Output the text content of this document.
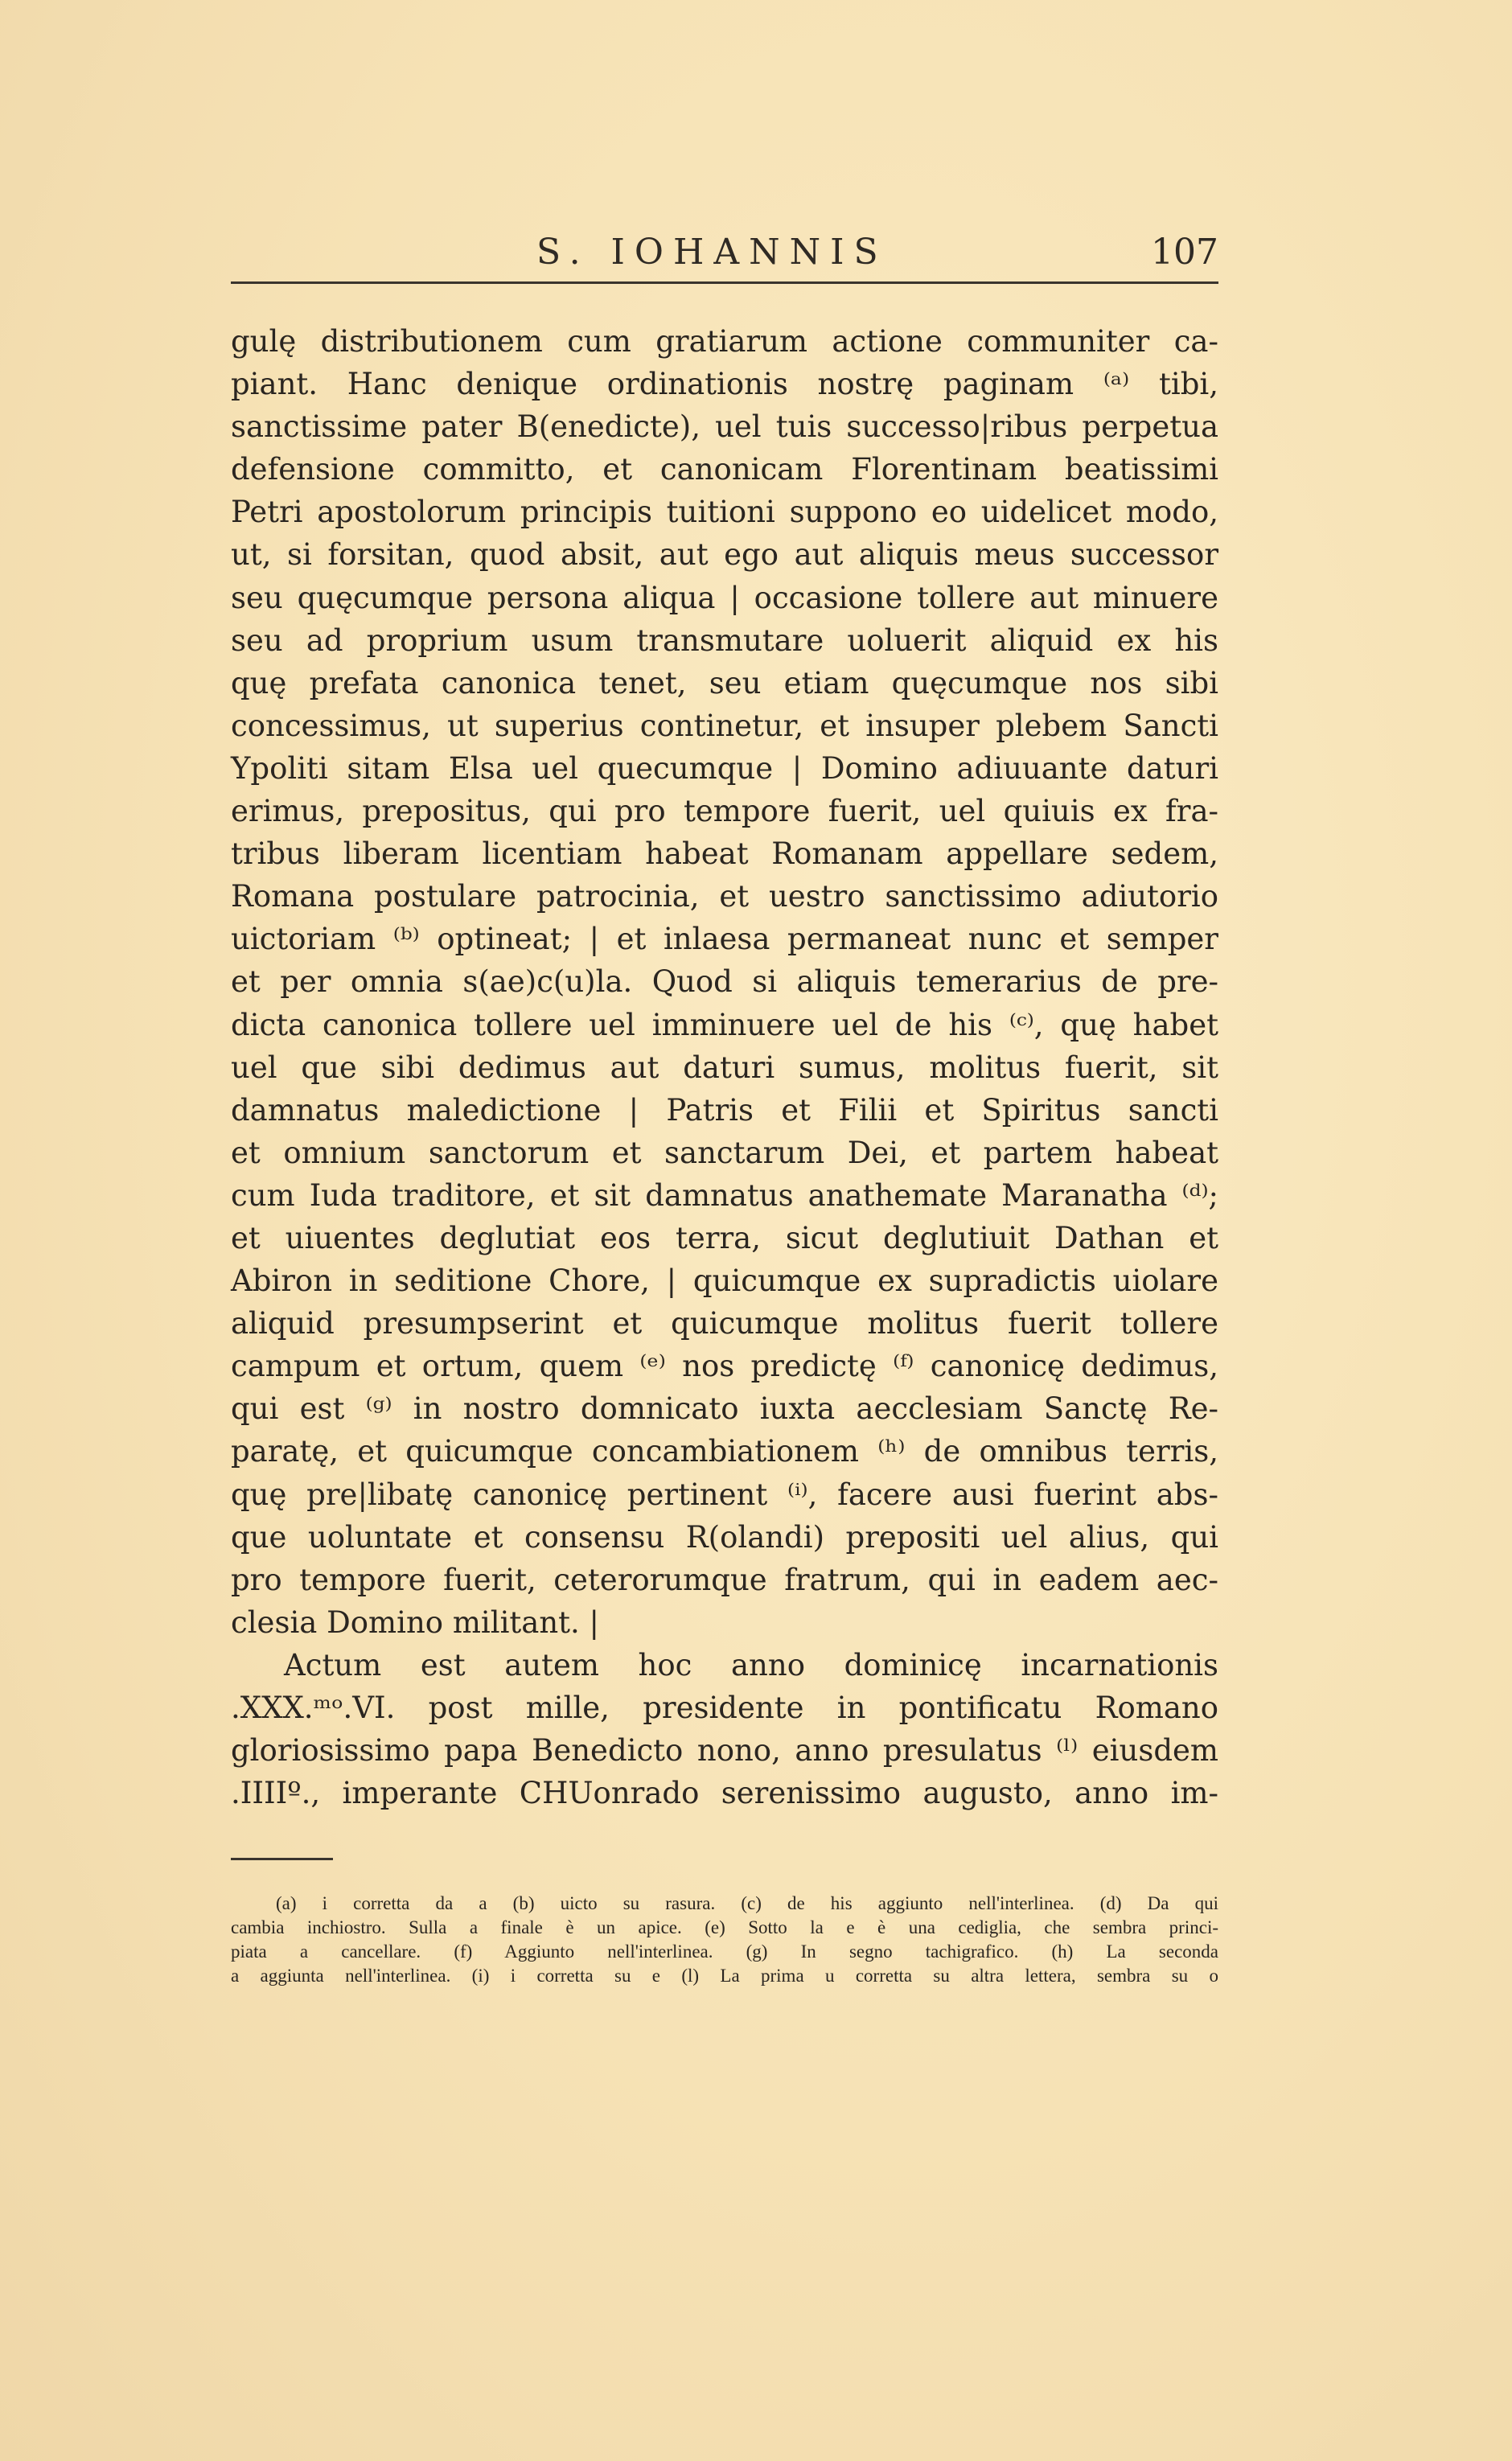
S. IOHANNIS	107
gulę distributionem cum gratiarum actione communiter ca-
piant. Hanc denique ordinationis nostrę paginam ⁽ᵃ⁾ tibi,
sanctissime pater B(enedicte), uel tuis successo|ribus perpetua
defensione committo, et canonicam Florentinam beatissimi
Petri apostolorum principis tuitioni suppono eo uidelicet modo,
ut, si forsitan, quod absit, aut ego aut aliquis meus successor
seu quęcumque persona aliqua | occasione tollere aut minuere
seu ad proprium usum transmutare uoluerit aliquid ex his
quę prefata canonica tenet, seu etiam quęcumque nos sibi
concessimus, ut superius continetur, et insuper plebem Sancti
Ypoliti sitam Elsa uel quecumque | Domino adiuuante daturi
erimus, prepositus, qui pro tempore fuerit, uel quiuis ex fra-
tribus liberam licentiam habeat Romanam appellare sedem,
Romana postulare patrocinia, et uestro sanctissimo adiutorio
uictoriam ⁽ᵇ⁾ optineat; | et inlaesa permaneat nunc et semper
et per omnia s(ae)c(u)la. Quod si aliquis temerarius de pre-
dicta canonica tollere uel imminuere uel de his ⁽ᶜ⁾, quę habet
uel que sibi dedimus aut daturi sumus, molitus fuerit, sit
damnatus maledictione | Patris et Filii et Spiritus sancti
et omnium sanctorum et sanctarum Dei, et partem habeat
cum Iuda traditore, et sit damnatus anathemate Maranatha ⁽ᵈ⁾;
et uiuentes deglutiat eos terra, sicut deglutiuit Dathan et
Abiron in seditione Chore, | quicumque ex supradictis uiolare
aliquid presumpserint et quicumque molitus fuerit tollere
campum et ortum, quem ⁽ᵉ⁾ nos predictę ⁽ᶠ⁾ canonicę dedimus,
qui est ⁽ᵍ⁾ in nostro domnicato iuxta aecclesiam Sanctę Re-
paratę, et quicumque concambiationem ⁽ʰ⁾ de omnibus terris,
quę pre|libatę canonicę pertinent ⁽ⁱ⁾, facere ausi fuerint abs-
que uoluntate et consensu R(olandi) prepositi uel alius, qui
pro tempore fuerit, ceterorumque fratrum, qui in eadem aec-
clesia Domino militant. |
Actum est autem hoc anno dominicę incarnationis
.XXX.ᵐᵒ.VI. post mille, presidente in pontificatu Romano
gloriosissimo papa Benedicto nono, anno presulatus ⁽ˡ⁾ eiusdem
.IIIIº., imperante CHUonrado serenissimo augusto, anno im-
(a) i corretta da a (b) uicto su rasura. (c) de his aggiunto nell'interlinea. (d) Da qui
cambia inchiostro. Sulla a finale è un apice. (e) Sotto la e è una cediglia, che sembra princi-
piata a cancellare. (f) Aggiunto nell'interlinea. (g) In segno tachigrafico. (h) La seconda
a aggiunta nell'interlinea. (i) i corretta su e (l) La prima u corretta su altra lettera, sembra su o
